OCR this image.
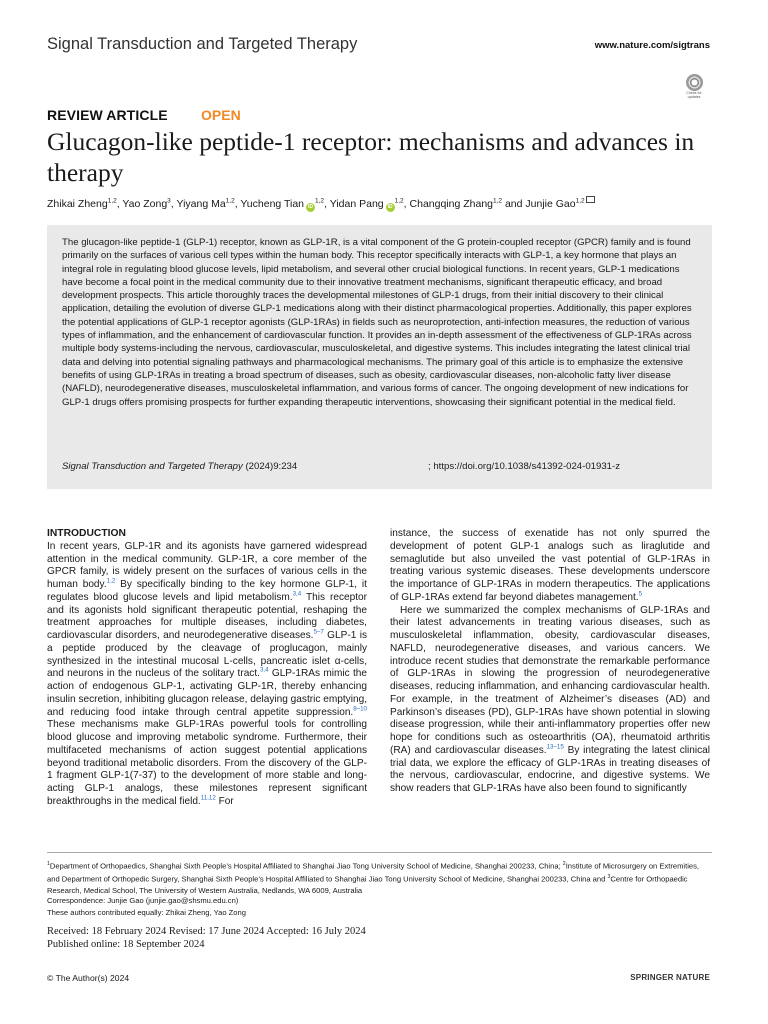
Signal Transduction and Targeted Therapy	www.nature.com/sigtrans
Check for updates
REVIEW ARTICLE OPEN
Glucagon-like peptide-1 receptor: mechanisms and advances in therapy
Zhikai Zheng$^{1,2}$, Yao Zong$^3$, Yiyang Ma$^{1,2}$, Yucheng Tian iD$^{1,2}$, Yidan Pang iD$^{1,2}$, Changqing Zhang$^{1,2}$ and Junjie Gao$^{1,2}$

The glucagon-like peptide-1 (GLP-1) receptor, known as GLP-1R, is a vital component of the G protein-coupled receptor (GPCR) family and is found primarily on the surfaces of various cell types within the human body. This receptor specifically interacts with GLP-1, a key hormone that plays an integral role in regulating blood glucose levels, lipid metabolism, and several other crucial biological functions. In recent years, GLP-1 medications have become a focal point in the medical community due to their innovative treatment mechanisms, significant therapeutic efficacy, and broad development prospects. This article thoroughly traces the developmental milestones of GLP-1 drugs, from their initial discovery to their clinical application, detailing the evolution of diverse GLP-1 medications along with their distinct pharmacological properties. Additionally, this paper explores the potential applications of GLP-1 receptor agonists (GLP-1RAs) in fields such as neuroprotection, anti-infection measures, the reduction of various types of inflammation, and the enhancement of cardiovascular function. It provides an in-depth assessment of the effectiveness of GLP-1RAs across multiple body systems-including the nervous, cardiovascular, musculoskeletal, and digestive systems. This includes integrating the latest clinical trial data and delving into potential signaling pathways and pharmacological mechanisms. The primary goal of this article is to emphasize the extensive benefits of using GLP-1RAs in treating a broad spectrum of diseases, such as obesity, cardiovascular diseases, non-alcoholic fatty liver disease (NAFLD), neurodegenerative diseases, musculoskeletal inflammation, and various forms of cancer. The ongoing development of new indications for GLP-1 drugs offers promising prospects for further expanding therapeutic interventions, showcasing their significant potential in the medical field.

Signal Transduction and Targeted Therapy (2024)9:234	; https://doi.org/10.1038/s41392-024-01931-z

INTRODUCTION

In recent years, GLP-1R and its agonists have garnered widespread attention in the medical community. GLP-1R, a core member of the GPCR family, is widely present on the surfaces of various cells in the human body.$^{1,2}$ By specifically binding to the key hormone GLP-1, it regulates blood glucose levels and lipid metabolism.$^{3,4}$ This receptor and its agonists hold significant therapeutic potential, reshaping the treatment approaches for multiple diseases, including diabetes, cardiovascular disorders, and neurodegenerative diseases.$^{5-7}$ GLP-1 is a peptide produced by the cleavage of proglucagon, mainly synthesized in the intestinal mucosal L-cells, pancreatic islet α-cells, and neurons in the nucleus of the solitary tract.$^{3,4}$ GLP-1RAs mimic the action of endogenous GLP-1, activating GLP-1R, thereby enhancing insulin secretion, inhibiting glucagon release, delaying gastric emptying, and reducing food intake through central appetite suppression.$^{8-10}$ These mechanisms make GLP-1RAs powerful tools for controlling blood glucose and improving metabolic syndrome. Furthermore, their multifaceted mechanisms of action suggest potential applications beyond traditional metabolic disorders. From the discovery of the GLP-1 fragment GLP-1(7-37) to the development of more stable and long-acting GLP-1 analogs, these milestones represent significant breakthroughs in the medical field.$^{11,12}$ For

instance, the success of exenatide has not only spurred the development of potent GLP-1 analogs such as liraglutide and semaglutide but also unveiled the vast potential of GLP-1RAs in treating various systemic diseases. These developments underscore the importance of GLP-1RAs in modern therapeutics. The applications of GLP-1RAs extend far beyond diabetes management.$^5$

Here we summarized the complex mechanisms of GLP-1RAs and their latest advancements in treating various diseases, such as musculoskeletal inflammation, obesity, cardiovascular diseases, NAFLD, neurodegenerative diseases, and various cancers. We introduce recent studies that demonstrate the remarkable performance of GLP-1RAs in slowing the progression of neurodegenerative diseases, reducing inflammation, and enhancing cardiovascular health. For example, in the treatment of Alzheimer’s diseases (AD) and Parkinson’s diseases (PD), GLP-1RAs have shown potential in slowing disease progression, while their anti-inflammatory properties offer new hope for conditions such as osteoarthritis (OA), rheumatoid arthritis (RA) and cardiovascular diseases.$^{13-15}$ By integrating the latest clinical trial data, we explore the efficacy of GLP-1RAs in treating diseases of the nervous, cardiovascular, endocrine, and digestive systems. We show readers that GLP-1RAs have also been found to significantly

$^1$Department of Orthopaedics, Shanghai Sixth People’s Hospital Affiliated to Shanghai Jiao Tong University School of Medicine, Shanghai 200233, China; $^2$Institute of Microsurgery on Extremities, and Department of Orthopedic Surgery, Shanghai Sixth People’s Hospital Affiliated to Shanghai Jiao Tong University School of Medicine, Shanghai 200233, China and $^3$Centre for Orthopaedic Research, Medical School, The University of Western Australia, Nedlands, WA 6009, Australia

Correspondence: Junjie Gao (junjie.gao@shsmu.edu.cn)
These authors contributed equally: Zhikai Zheng, Yao Zong
Received: 18 February 2024 Revised: 17 June 2024 Accepted: 16 July 2024
Published online: 18 September 2024
© The Author(s) 2024	SPRINGER NATURE
